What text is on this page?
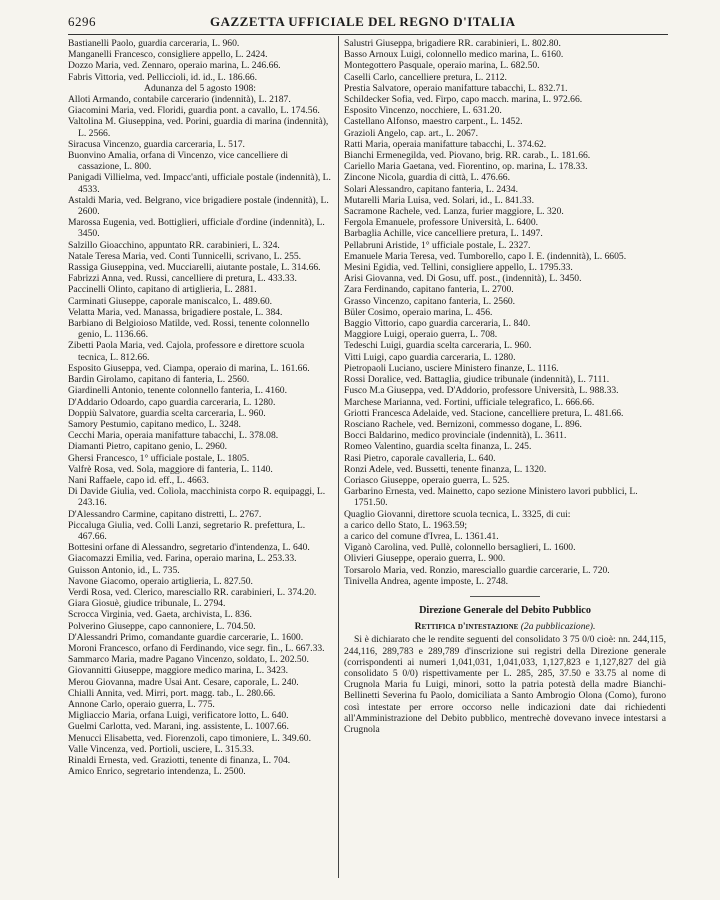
6296	GAZZETTA UFFICIALE DEL REGNO D'ITALIA

Bastianelli Paolo, guardia carceraria, L. 960.

Manganelli Francesco, consigliere appello, L. 2424.

Dozzo Maria, ved. Zennaro, operaio marina, L. 246.66.

Fabris Vittoria, ved. Pelliccioli, id. id., L. 186.66.

Adunanza del 5 agosto 1908:

Alloti Armando, contabile carcerario (indennità), L. 2187.

Giacomini Maria, ved. Floridi, guardia pont. a cavallo, L. 174.56.

Valtolina M. Giuseppina, ved. Porini, guardia di marina (indennità), L. 2566.

Siracusa Vincenzo, guardia carceraria, L. 517.

Buonvino Amalia, orfana di Vincenzo, vice cancelliere di cassazione, L. 800.

Panigadi Villielma, ved. Impacc'anti, ufficiale postale (indennità), L. 4533.

Astaldi Maria, ved. Belgrano, vice brigadiere postale (indennità), L. 2600.

Marossa Eugenia, ved. Bottiglieri, ufficiale d'ordine (indennità), L. 3450.

Salzillo Gioacchino, appuntato RR. carabinieri, L. 324.

Natale Teresa Maria, ved. Conti Tunnicelli, scrivano, L. 255.

Rassiga Giuseppina, ved. Mucciarelli, aiutante postale, L. 314.66.

Fabrizzi Anna, ved. Russi, cancelliere di pretura, L. 433.33.

Paccinelli Olinto, capitano di artiglieria, L. 2881.

Carminati Giuseppe, caporale maniscalco, L. 489.60.

Velatta Maria, ved. Manassa, brigadiere postale, L. 384.

Barbiano di Belgioioso Matilde, ved. Rossi, tenente colonnello genio, L. 1136.66.

Zibetti Paola Maria, ved. Cajola, professore e direttore scuola tecnica, L. 812.66.

Esposito Giuseppa, ved. Ciampa, operaio di marina, L. 161.66.

Bardin Girolamo, capitano di fanteria, L. 2560.

Giardinelli Antonio, tenente colonnello fanteria, L. 4160.

D'Addario Odoardo, capo guardia carceraria, L. 1280.

Doppiù Salvatore, guardia scelta carceraria, L. 960.

Samory Pestumio, capitano medico, L. 3248.

Cecchi Maria, operaia manifatture tabacchi, L. 378.08.

Diamanti Pietro, capitano genio, L. 2960.

Ghersi Francesco, 1° ufficiale postale, L. 1805.

Valfrè Rosa, ved. Sola, maggiore di fanteria, L. 1140.

Nani Raffaele, capo id. eff., L. 4663.

Di Davide Giulia, ved. Colìola, macchinista corpo R. equipaggi, L. 243.16.

D'Alessandro Carmine, capitano distretti, L. 2767.

Piccaluga Giulia, ved. Colli Lanzi, segretario R. prefettura, L. 467.66.

Bottesini orfane di Alessandro, segretario d'intendenza, L. 640.

Giacomazzi Emilia, ved. Farina, operaio marina, L. 253.33.

Guisson Antonio, id., L. 735.

Navone Giacomo, operaio artiglieria, L. 827.50.

Verdi Rosa, ved. Clerico, maresciallo RR. carabinieri, L. 374.20.

Giara Giosuè, giudice tribunale, L. 2794.

Scrocca Virginia, ved. Gaeta, archivista, L. 836.

Polverino Giuseppe, capo cannoniere, L. 704.50.

D'Alessandri Primo, comandante guardie carcerarie, L. 1600.

Moroni Francesco, orfano di Ferdinando, vice segr. fin., L. 667.33.

Sammarco Maria, madre Pagano Vincenzo, soldato, L. 202.50.

Giovannitti Giuseppe, maggiore medico marina, L. 3423.

Merou Giovanna, madre Usai Ant. Cesare, caporale, L. 240.

Chialli Annita, ved. Mirri, port. magg. tab., L. 280.66.

Annone Carlo, operaio guerra, L. 775.

Migliaccio Maria, orfana Luigi, verificatore lotto, L. 640.

Guelmi Carlotta, ved. Marani, ing. assistente, L. 1007.66.

Menucci Elisabetta, ved. Fiorenzoli, capo timoniere, L. 349.60.

Valle Vincenza, ved. Portioli, usciere, L. 315.33.

Rinaldi Ernesta, ved. Graziotti, tenente di finanza, L. 704.

Amico Enrico, segretario intendenza, L. 2500.

Salustri Giuseppa, brigadiere RR. carabinieri, L. 802.80.

Basso Arnoux Luigi, colonnello medico marina, L. 6160.

Montegottero Pasquale, operaio marina, L. 682.50.

Caselli Carlo, cancelliere pretura, L. 2112.

Prestia Salvatore, operaio manifatture tabacchi, L. 832.71.

Schildecker Sofia, ved. Firpo, capo macch. marina, L. 972.66.

Esposito Vincenzo, nocchiere, L. 631.20.

Castellano Alfonso, maestro carpent., L. 1452.

Grazioli Angelo, cap. art., L. 2067.

Ratti Maria, operaia manifatture tabacchi, L. 374.62.

Bianchi Ermenegilda, ved. Piovano, brig. RR. carab., L. 181.66.

Cariello Maria Gaetana, ved. Fiorentino, op. marina, L. 178.33.

Zincone Nicola, guardia di città, L. 476.66.

Solari Alessandro, capitano fanteria, L. 2434.

Mutarelli Maria Luisa, ved. Solari, id., L. 841.33.

Sacramone Rachele, ved. Lanza, furier maggiore, L. 320.

Fergola Emanuele, professore Università, L. 6400.

Barbaglia Achille, vice cancelliere pretura, L. 1497.

Pellabruni Aristide, 1° ufficiale postale, L. 2327.

Emanuele Maria Teresa, ved. Tumborello, capo I. E. (indennità), L. 6605.

Mesini Egidia, ved. Tellini, consigliere appello, L. 1795.33.

Arisi Giovanna, ved. Di Gosu, uff. post., (indennità), L. 3450.

Zara Ferdinando, capitano fanteria, L. 2700.

Grasso Vincenzo, capitano fanteria, L. 2560.

Büler Cosimo, operaio marina, L. 456.

Baggio Vittorio, capo guardia carceraria, L. 840.

Maggiore Luigi, operaio guerra, L. 708.

Tedeschi Luigi, guardia scelta carceraria, L. 960.

Vitti Luigi, capo guardia carceraria, L. 1280.

Pietropaoli Luciano, usciere Ministero finanze, L. 1116.

Rossi Doralice, ved. Battaglia, giudice tribunale (indennità), L. 7111.

Fusco M.a Giuseppa, ved. D'Addorio, professore Università, L. 988.33.

Marchese Marianna, ved. Fortini, ufficiale telegrafico, L. 666.66.

Griotti Francesca Adelaide, ved. Stacione, cancelliere pretura, L. 481.66.

Rosciano Rachele, ved. Bernizoni, commesso dogane, L. 896.

Bocci Baldarino, medico provinciale (indennità), L. 3611.

Romeo Valentino, guardia scelta finanza, L. 245.

Rasi Pietro, caporale cavalleria, L. 640.

Ronzi Adele, ved. Bussetti, tenente finanza, L. 1320.

Coriasco Giuseppe, operaio guerra, L. 525.

Garbarino Ernesta, ved. Mainetto, capo sezione Ministero lavori pubblici, L. 1751.50.

Quaglio Giovanni, direttore scuola tecnica, L. 3325, di cui:

a carico dello Stato, L. 1963.59;

a carico del comune d'Ivrea, L. 1361.41.

Viganò Carolina, ved. Pullè, colonnello bersaglieri, L. 1600.

Olivieri Giuseppe, operaio guerra, L. 900.

Torsarolo Maria, ved. Ronzio, maresciallo guardie carcerarie, L. 720.

Tinivella Andrea, agente imposte, L. 2748.

Direzione Generale del Debito Pubblico

Rettifica d'intestazione (2a pubblicazione).

Si è dichiarato che le rendite seguenti del consolidato 3 75 0/0 cioè: nn. 244,115, 244,116, 289,783 e 289,789 d'inscrizione sui registri della Direzione generale (corrispondenti ai numeri 1,041,031, 1,041,033, 1,127,823 e 1,127,827 del già consolidato 5 0/0) rispettivamente per L. 285, 285, 37.50 e 33.75 al nome di Crugnola Maria fu Luigi, minori, sotto la patria potestà della madre Bianchi-Bellinetti Severina fu Paolo, domiciliata a Santo Ambrogio Olona (Como), furono così intestate per errore occorso nelle indicazioni date dai richiedenti all'Amministrazione del Debito pubblico, mentrechè dovevano invece intestarsi a Crugnola
